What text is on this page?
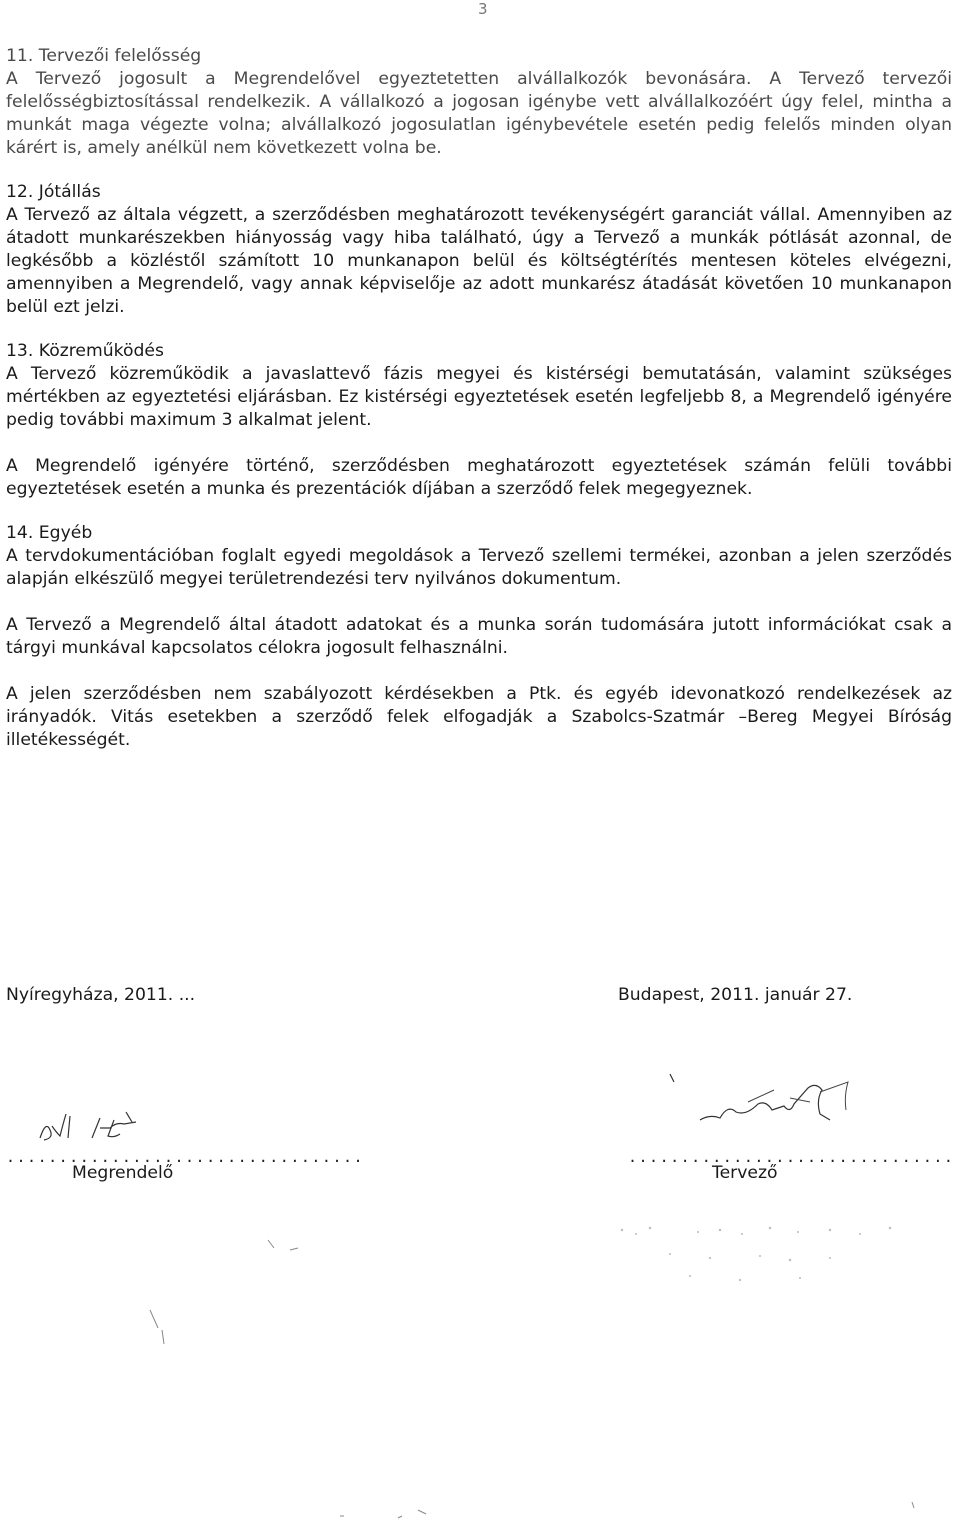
3
11. Tervezői felelősség
A Tervező jogosult a Megrendelővel egyeztetetten alvállalkozók bevonására. A Tervező tervezői felelősségbiztosítással rendelkezik. A vállalkozó a jogosan igénybe vett alvállalkozóért úgy felel, mintha a munkát maga végezte volna; alvállalkozó jogosulatlan igénybevétele esetén pedig felelős minden olyan kárért is, amely anélkül nem következett volna be.
12. Jótállás
A Tervező az általa végzett, a szerződésben meghatározott tevékenységért garanciát vállal. Amennyiben az átadott munkarészekben hiányosság vagy hiba található, úgy a Tervező a munkák pótlását azonnal, de legkésőbb a közléstől számított 10 munkanapon belül és költségtérítés mentesen köteles elvégezni, amennyiben a Megrendelő, vagy annak képviselője az adott munkarész átadását követően 10 munkanapon belül ezt jelzi.
13. Közreműködés
A Tervező közreműködik a javaslattevő fázis megyei és kistérségi bemutatásán, valamint szükséges mértékben az egyeztetési eljárásban. Ez kistérségi egyeztetések esetén legfeljebb 8, a Megrendelő igényére pedig további maximum 3 alkalmat jelent.
A Megrendelő igényére történő, szerződésben meghatározott egyeztetések számán felüli további egyeztetések esetén a munka és prezentációk díjában a szerződő felek megegyeznek.
14. Egyéb
A tervdokumentációban foglalt egyedi megoldások a Tervező szellemi termékei, azonban a jelen szerződés alapján elkészülő megyei területrendezési terv nyilvános dokumentum.
A Tervező a Megrendelő által átadott adatokat és a munka során tudomására jutott információkat csak a tárgyi munkával kapcsolatos célokra jogosult felhasználni.
A jelen szerződésben nem szabályozott kérdésekben a Ptk. és egyéb idevonatkozó rendelkezések az irányadók. Vitás esetekben a szerződő felek elfogadják a Szabolcs-Szatmár –Bereg Megyei Bíróság illetékességét.
Nyíregyháza, 2011. ...	Budapest, 2011. január 27.
..................................	...............................
Megrendelő	Tervező
